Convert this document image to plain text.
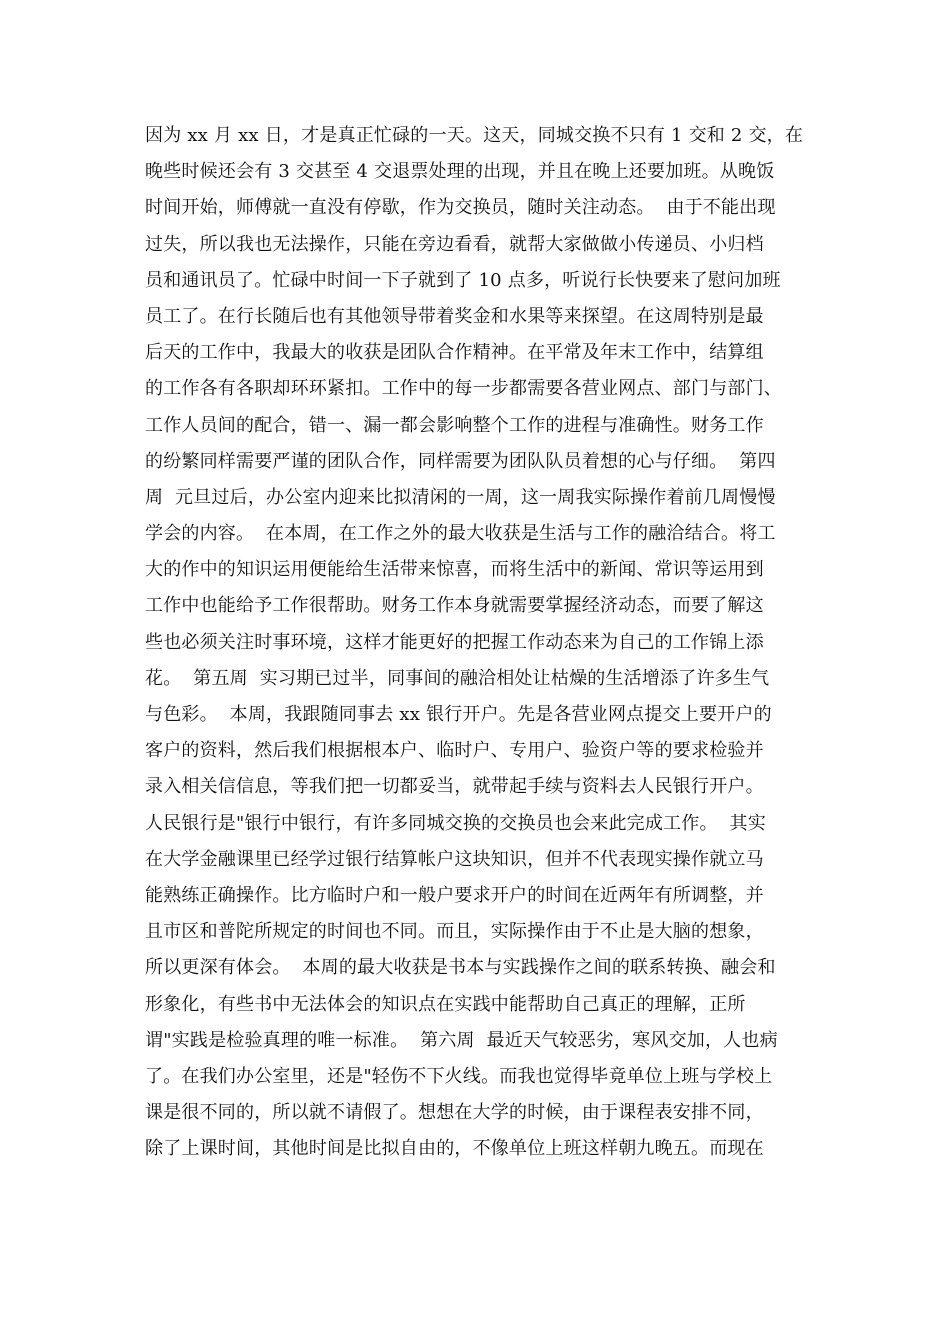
因为 xx 月 xx 日，才是真正忙碌的一天。这天，同城交换不只有 1 交和 2 交，在
晚些时候还会有 3 交甚至 4 交退票处理的出现，并且在晚上还要加班。从晚饭
时间开始，师傅就一直没有停歇，作为交换员，随时关注动态。  由于不能出现
过失，所以我也无法操作，只能在旁边看看，就帮大家做做小传递员、小归档
员和通讯员了。忙碌中时间一下子就到了 10 点多，听说行长快要来了慰问加班
员工了。在行长随后也有其他领导带着奖金和水果等来探望。在这周特别是最
后天的工作中，我最大的收获是团队合作精神。在平常及年末工作中，结算组
的工作各有各职却环环紧扣。工作中的每一步都需要各营业网点、部门与部门、
工作人员间的配合，错一、漏一都会影响整个工作的进程与准确性。财务工作
的纷繁同样需要严谨的团队合作，同样需要为团队队员着想的心与仔细。  第四
周  元旦过后，办公室内迎来比拟清闲的一周，这一周我实际操作着前几周慢慢
学会的内容。  在本周，在工作之外的最大收获是生活与工作的融洽结合。将工
大的作中的知识运用便能给生活带来惊喜，而将生活中的新闻、常识等运用到
工作中也能给予工作很帮助。财务工作本身就需要掌握经济动态，而要了解这
些也必须关注时事环境，这样才能更好的把握工作动态来为自己的工作锦上添
花。  第五周  实习期已过半，同事间的融洽相处让枯燥的生活增添了许多生气
与色彩。  本周，我跟随同事去 xx 银行开户。先是各营业网点提交上要开户的
客户的资料，然后我们根据根本户、临时户、专用户、验资户等的要求检验并
录入相关信信息，等我们把一切都妥当，就带起手续与资料去人民银行开户。
人民银行是"银行中银行，有许多同城交换的交换员也会来此完成工作。  其实
在大学金融课里已经学过银行结算帐户这块知识，但并不代表现实操作就立马
能熟练正确操作。比方临时户和一般户要求开户的时间在近两年有所调整，并
且市区和普陀所规定的时间也不同。而且，实际操作由于不止是大脑的想象，
所以更深有体会。  本周的最大收获是书本与实践操作之间的联系转换、融会和
形象化，有些书中无法体会的知识点在实践中能帮助自己真正的理解，正所
谓"实践是检验真理的唯一标准。  第六周  最近天气较恶劣，寒风交加，人也病
了。在我们办公室里，还是"轻伤不下火线。而我也觉得毕竟单位上班与学校上
课是很不同的，所以就不请假了。想想在大学的时候，由于课程表安排不同，
除了上课时间，其他时间是比拟自由的，不像单位上班这样朝九晚五。而现在
